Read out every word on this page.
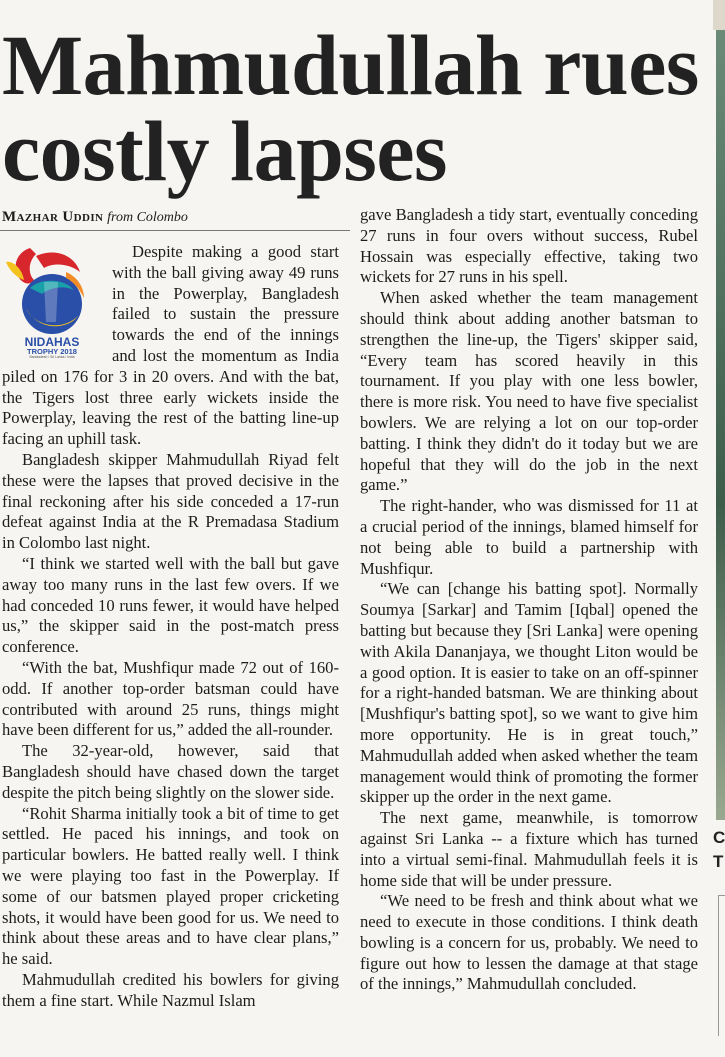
C
T
Mahmudullah rues
costly lapses
Mazhar Uddin from Colombo
NIDAHAS
TROPHY 2018
Bangladesh | Sri Lanka | India

Despite making a good start with the ball giving away 49 runs in the Powerplay, Bangladesh failed to sustain the pressure towards the end of the innings and lost the momentum as India piled on 176 for 3 in 20 overs. And with the bat, the Tigers lost three early wickets inside the Powerplay, leaving the rest of the batting line-up facing an uphill task.

Bangladesh skipper Mahmudullah Riyad felt these were the lapses that proved decisive in the final reckoning after his side conceded a 17-run defeat against India at the R Premadasa Stadium in Colombo last night.

“I think we started well with the ball but gave away too many runs in the last few overs. If we had conceded 10 runs fewer, it would have helped us,” the skipper said in the post-match press conference.

“With the bat, Mushfiqur made 72 out of 160-odd. If another top-order batsman could have contributed with around 25 runs, things might have been different for us,” added the all-rounder.

The 32-year-old, however, said that Bangladesh should have chased down the target despite the pitch being slightly on the slower side.

“Rohit Sharma initially took a bit of time to get settled. He paced his innings, and took on particular bowlers. He batted really well. I think we were playing too fast in the Powerplay. If some of our batsmen played proper cricketing shots, it would have been good for us. We need to think about these areas and to have clear plans,” he said.

Mahmudullah credited his bowlers for giving them a fine start. While Nazmul Islam

gave Bangladesh a tidy start, eventually conceding 27 runs in four overs without success, Rubel Hossain was especially effective, taking two wickets for 27 runs in his spell.

When asked whether the team management should think about adding another batsman to strengthen the line-up, the Tigers' skipper said, “Every team has scored heavily in this tournament. If you play with one less bowler, there is more risk. You need to have five specialist bowlers. We are relying a lot on our top-order batting. I think they didn't do it today but we are hopeful that they will do the job in the next game.”

The right-hander, who was dismissed for 11 at a crucial period of the innings, blamed himself for not being able to build a partnership with Mushfiqur.

“We can [change his batting spot]. Normally Soumya [Sarkar] and Tamim [Iqbal] opened the batting but because they [Sri Lanka] were opening with Akila Dananjaya, we thought Liton would be a good option. It is easier to take on an off-spinner for a right-handed batsman. We are thinking about [Mushfiqur's batting spot], so we want to give him more opportunity. He is in great touch,” Mahmudullah added when asked whether the team management would think of promoting the former skipper up the order in the next game.

The next game, meanwhile, is tomorrow against Sri Lanka -- a fixture which has turned into a virtual semi-final. Mahmudullah feels it is home side that will be under pressure.

“We need to be fresh and think about what we need to execute in those conditions. I think death bowling is a concern for us, probably. We need to figure out how to lessen the damage at that stage of the innings,” Mahmudullah concluded.
